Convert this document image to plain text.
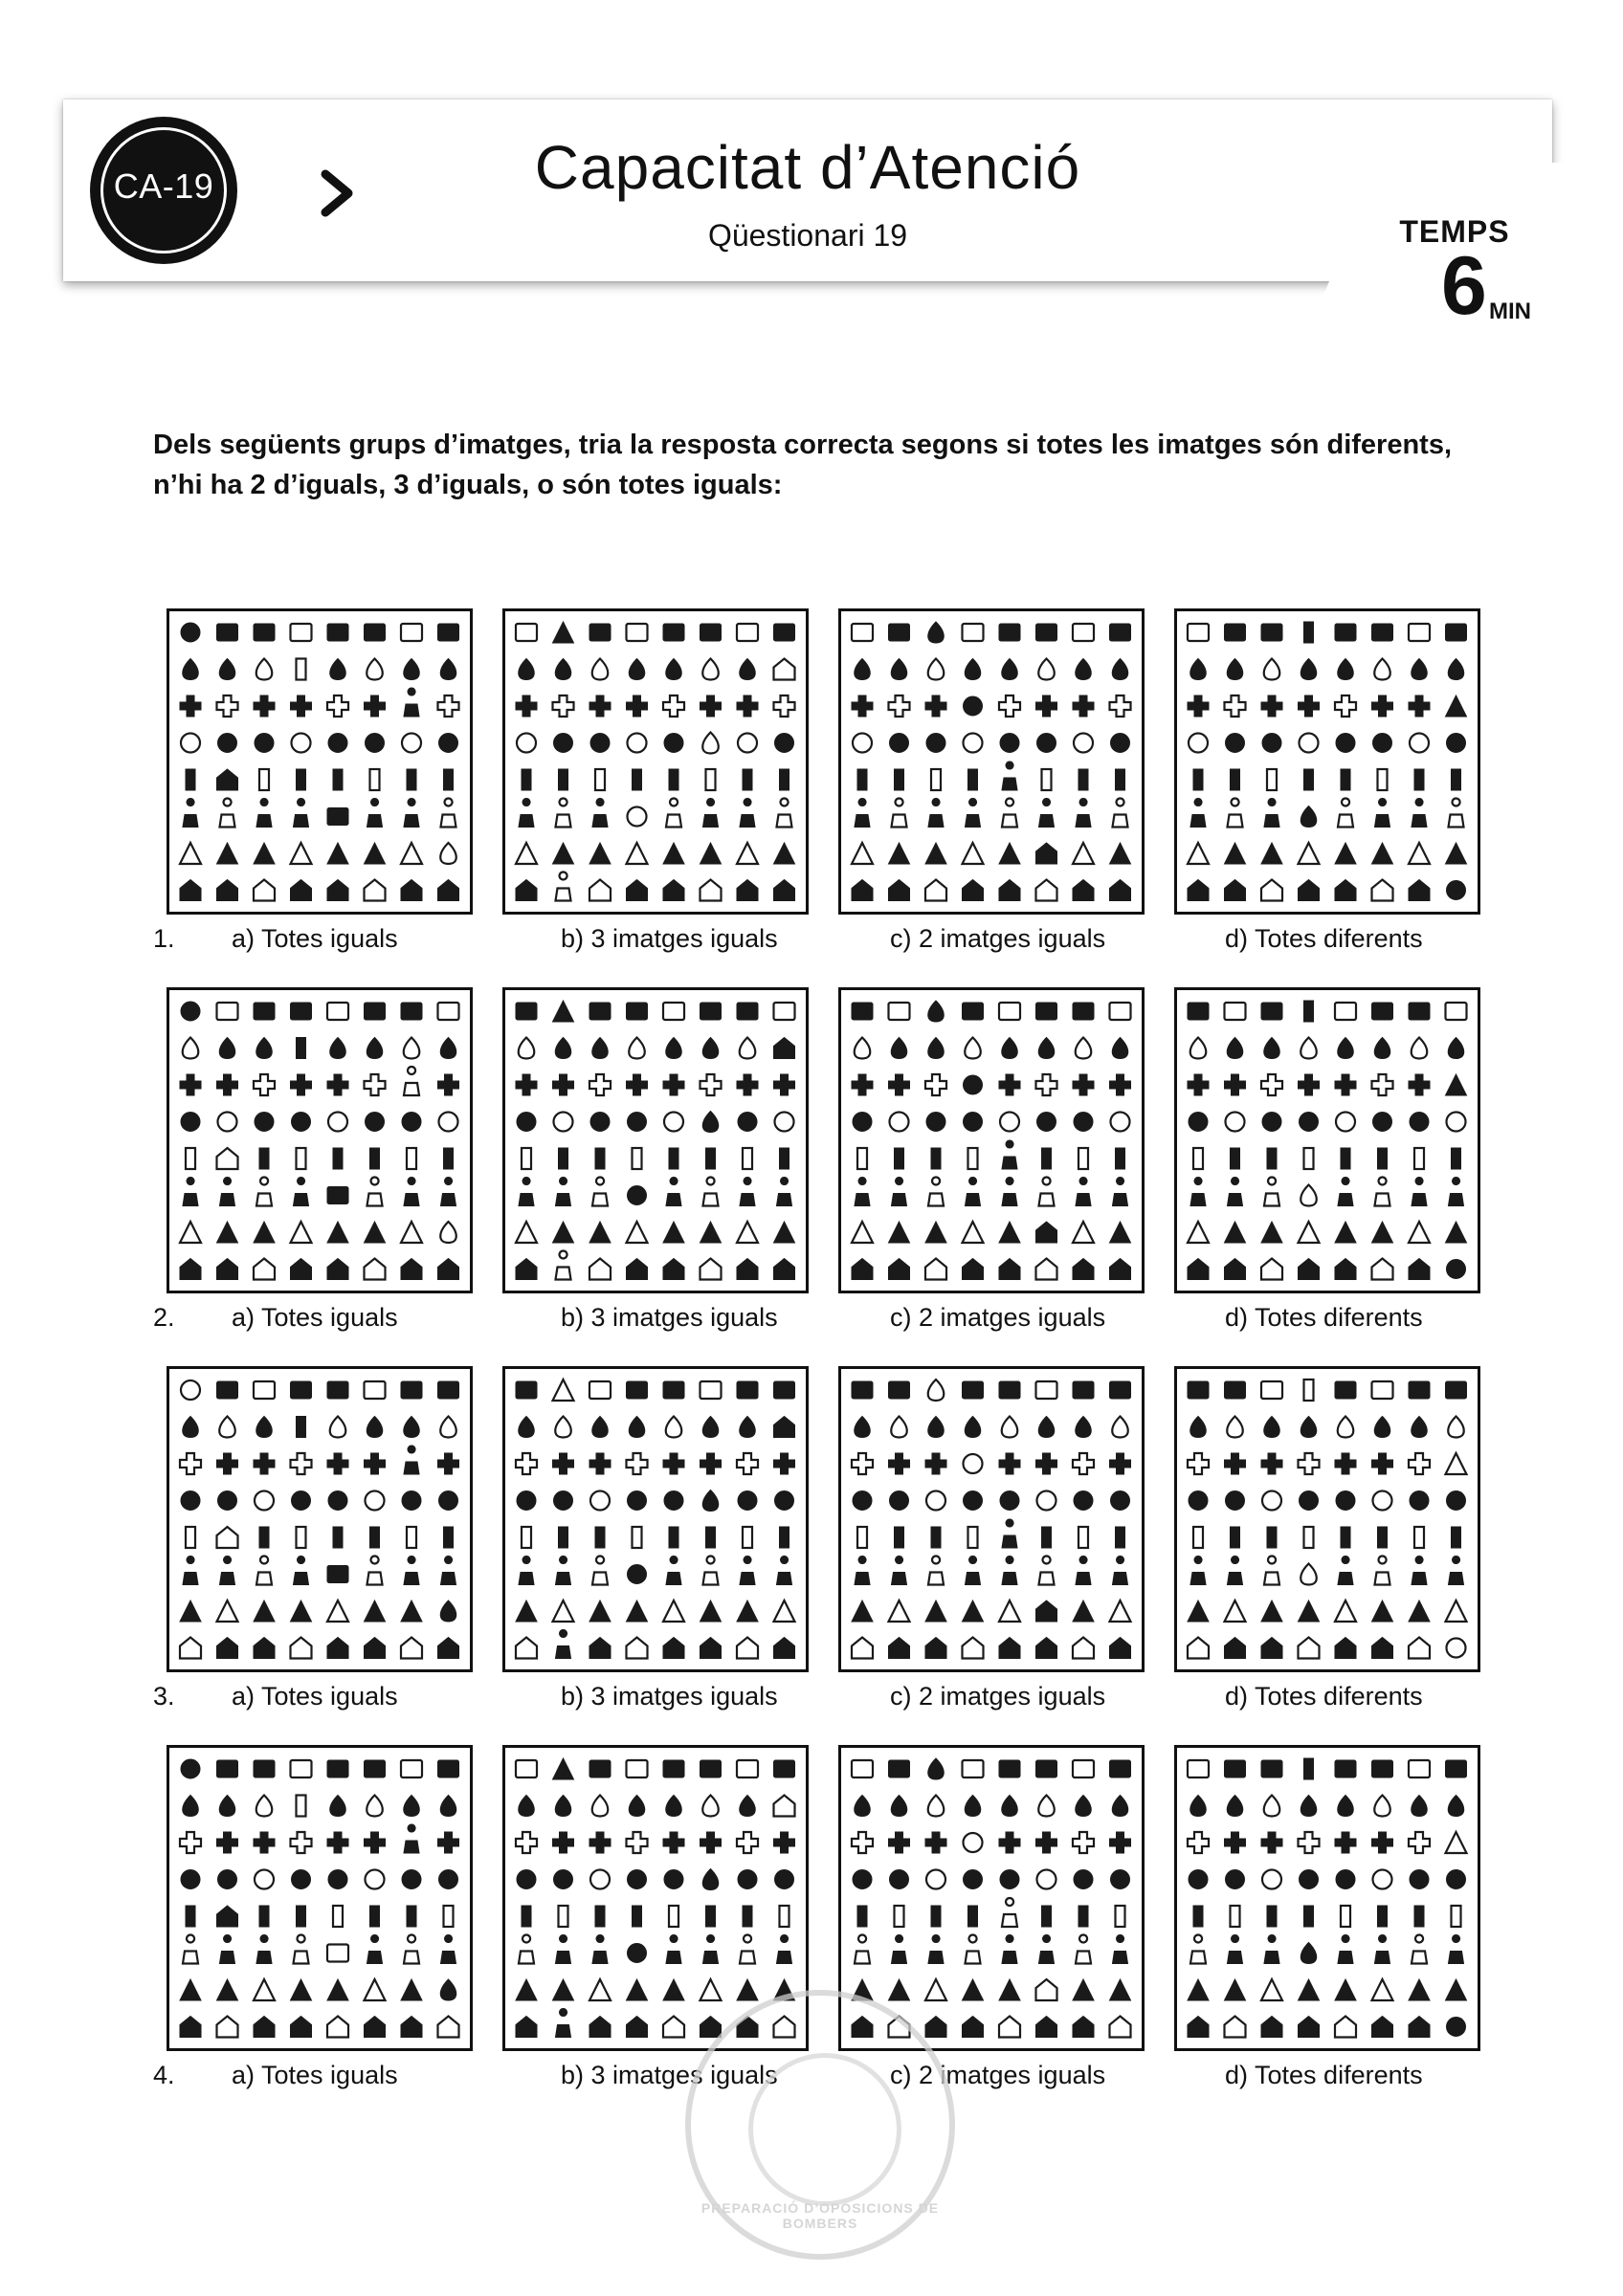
CA-19	Capacitat d’Atenció
Qüestionari 19	TEMPS
6 MIN
Dels següents grups d’imatges, tria la resposta correcta segons si totes les imatges són diferents, n’hi ha 2 d’iguals, 3 d’iguals, o són totes iguals:
1. a) Totes iguals	b) 3 imatges iguals	c) 2 imatges iguals	d) Totes diferents
2. a) Totes iguals	b) 3 imatges iguals	c) 2 imatges iguals	d) Totes diferents
3. a) Totes iguals	b) 3 imatges iguals	c) 2 imatges iguals	d) Totes diferents
4. a) Totes iguals	b) 3 imatges iguals	c) 2 imatges iguals	d) Totes diferents
PREPARACIÓ D’OPOSICIONS DE BOMBERS
